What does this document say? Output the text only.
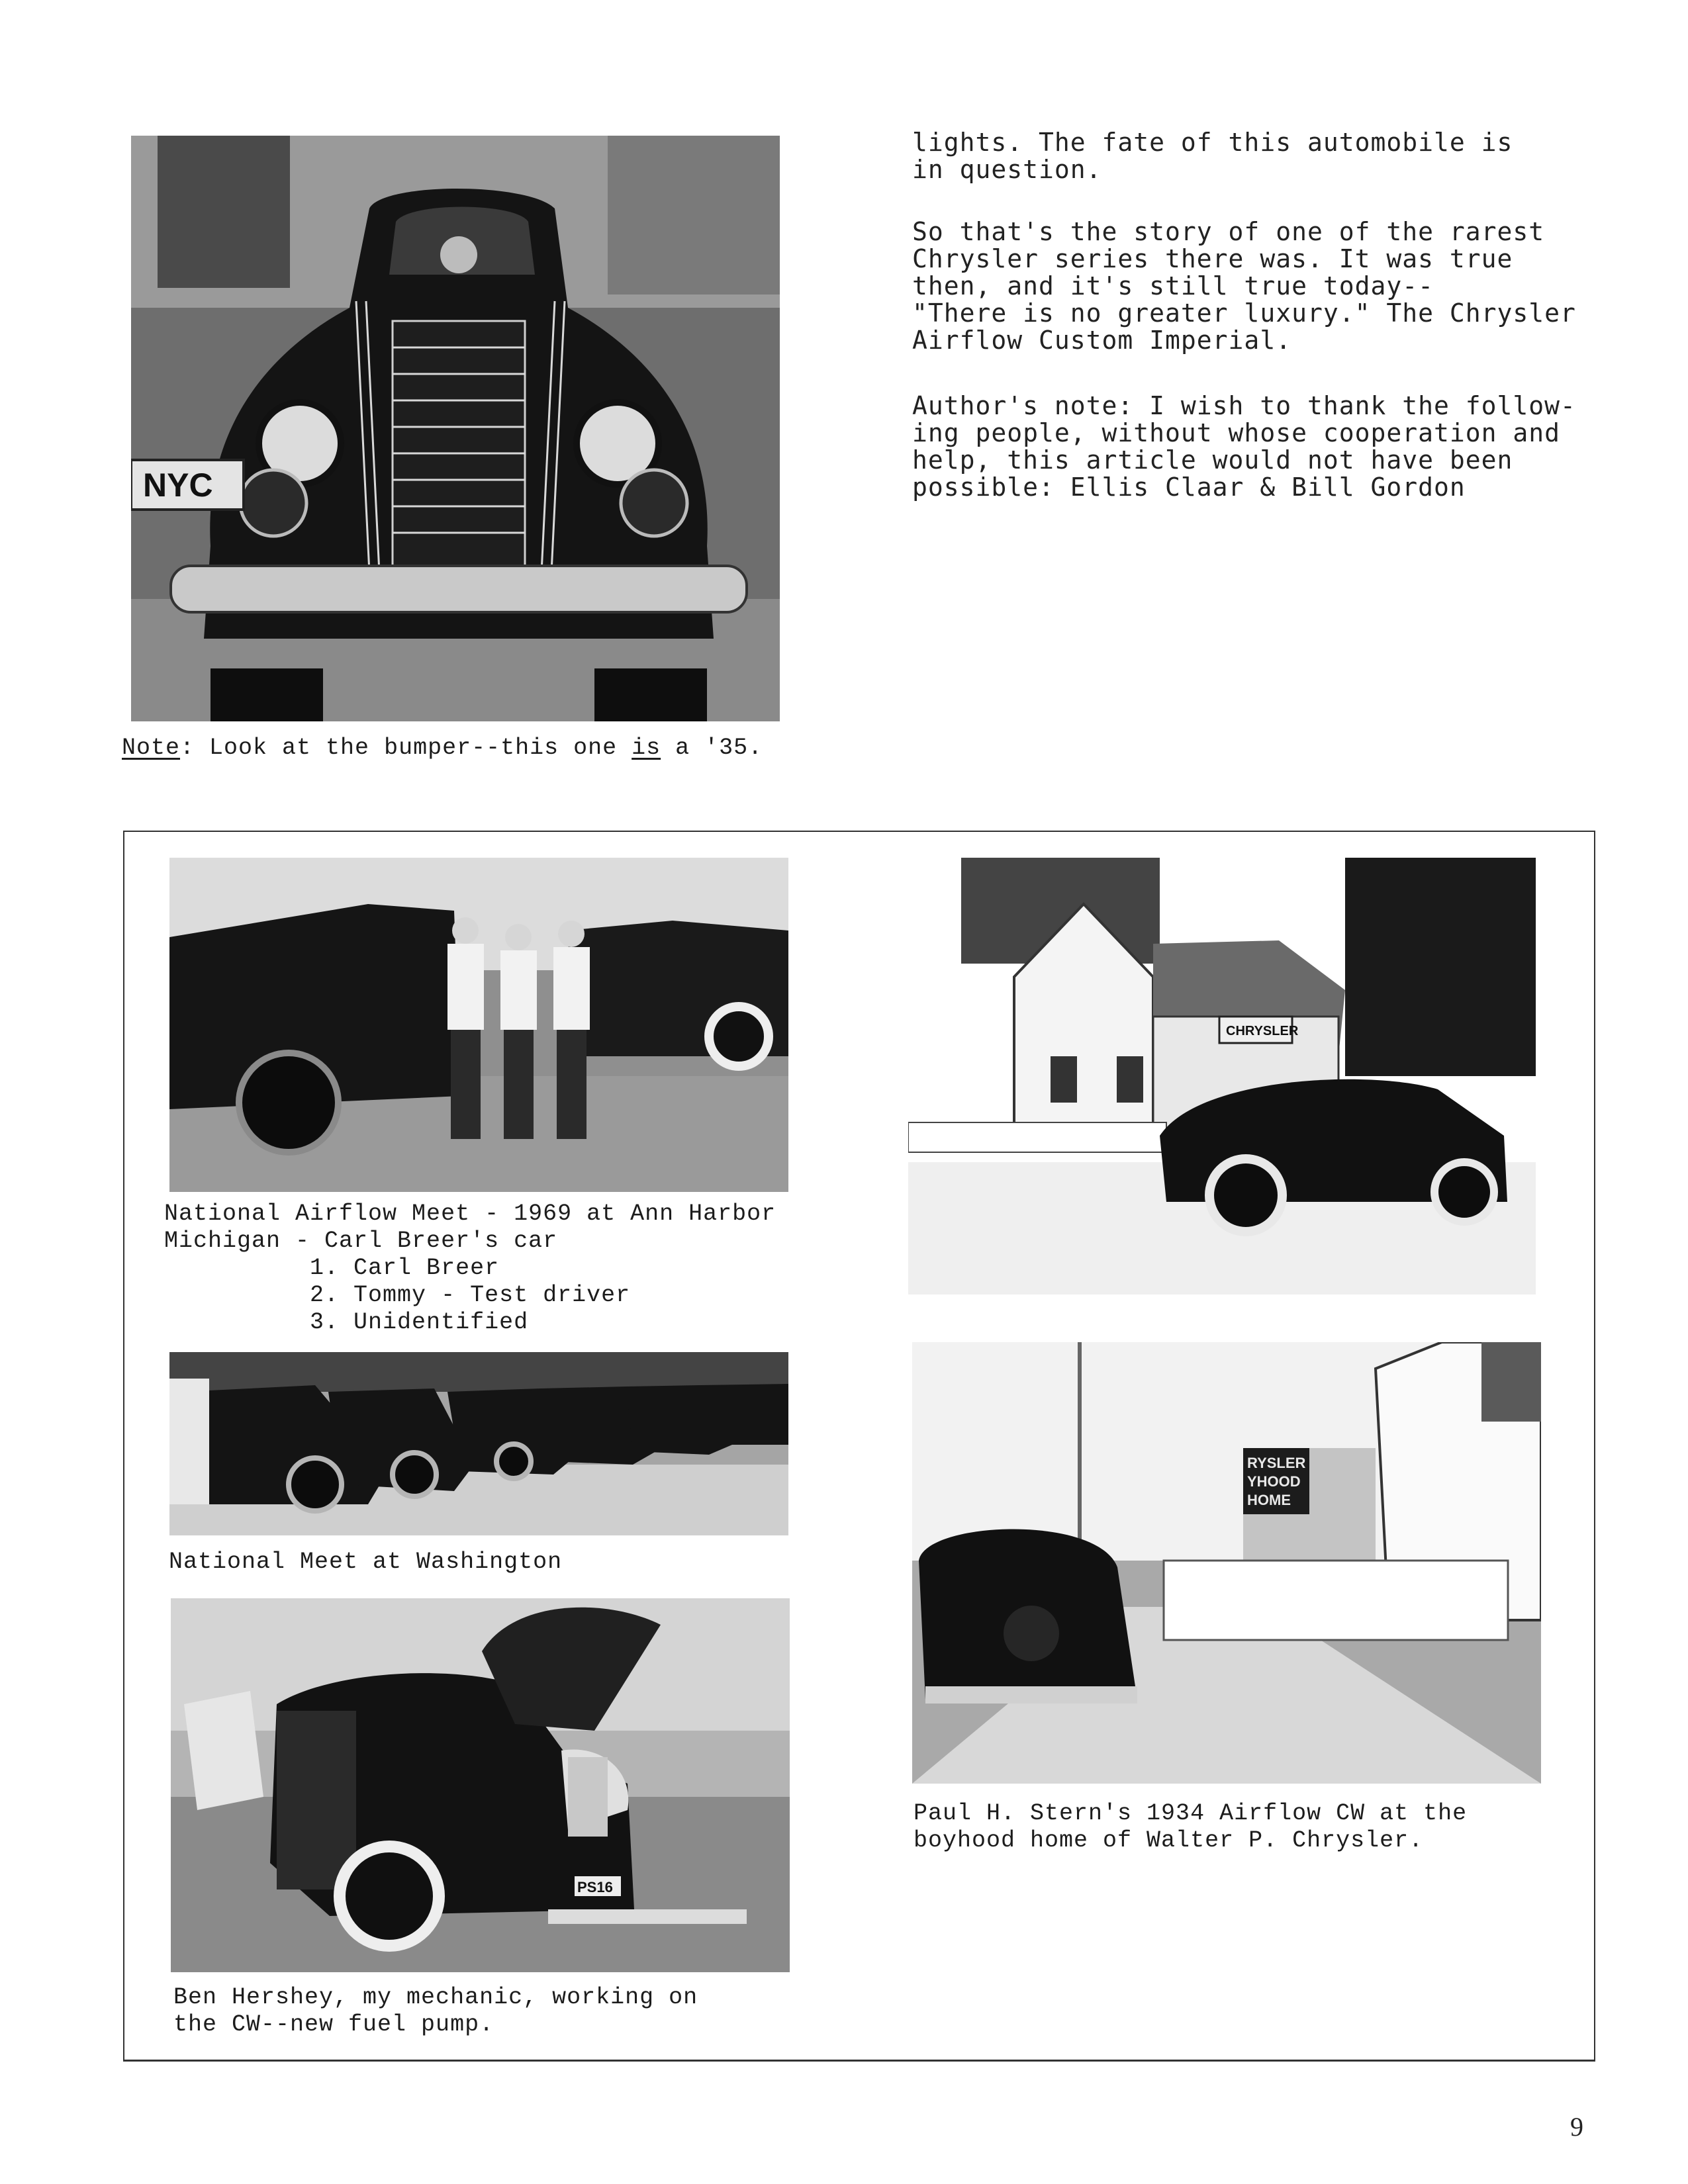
NYC
Note: Look at the bumper--this one is a '35.
lights. The fate of this automobile is
in question.
So that's the story of one of the rarest
Chrysler series there was. It was true
then, and it's still true today--
"There is no greater luxury." The Chrysler
Airflow Custom Imperial.
Author's note: I wish to thank the follow-
ing people, without whose cooperation and
help, this article would not have been
possible: Ellis Claar & Bill Gordon
National Airflow Meet - 1969 at Ann Harbor
Michigan - Carl Breer's car
1. Carl Breer
2. Tommy - Test driver
3. Unidentified
National Meet at Washington
PS16
Ben Hershey, my mechanic, working on
the CW--new fuel pump.
CHRYSLER
RYSLER
YHOOD
HOME
Paul H. Stern's 1934 Airflow CW at the
boyhood home of Walter P. Chrysler.
9
